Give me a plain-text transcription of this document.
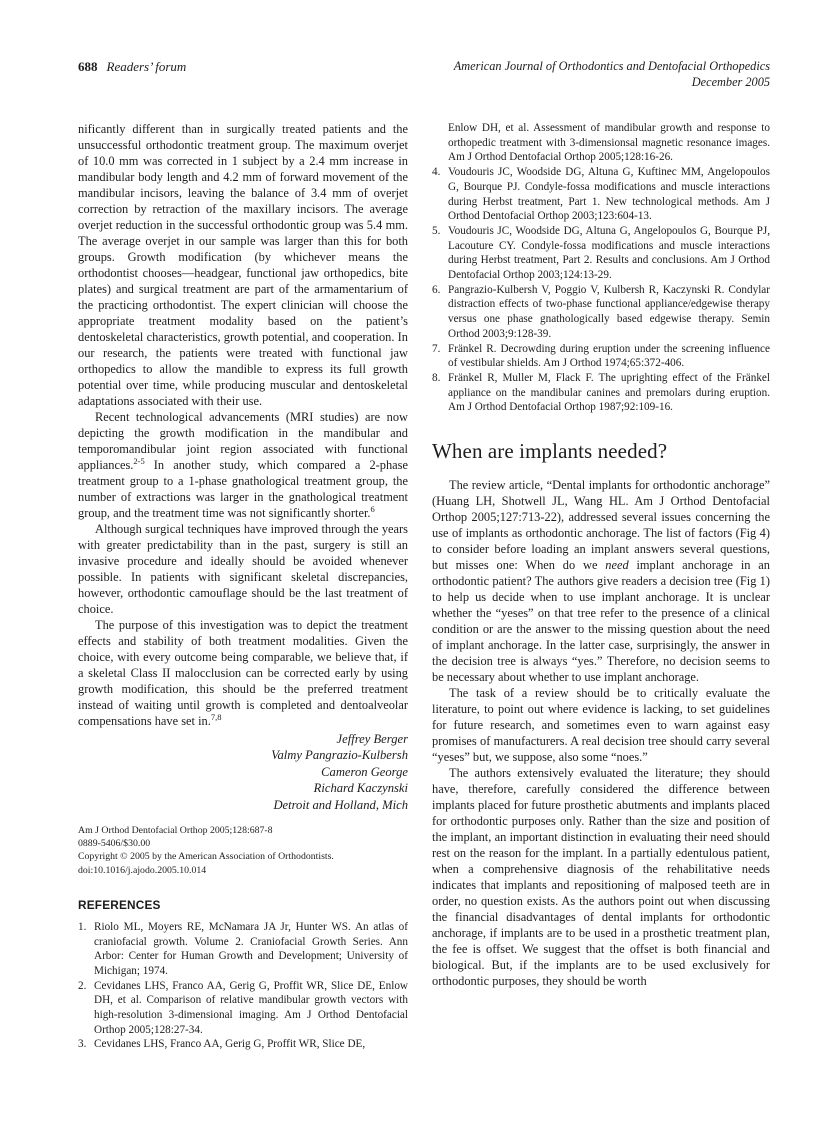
688 Readers’ forum	American Journal of Orthodontics and Dentofacial Orthopedics
December 2005

nificantly different than in surgically treated patients and the unsuccessful orthodontic treatment group. The maximum overjet of 10.0 mm was corrected in 1 subject by a 2.4 mm increase in mandibular body length and 4.2 mm of forward movement of the mandibular incisors, leaving the balance of 3.4 mm of overjet correction by retraction of the maxillary incisors. The average overjet reduction in the successful orthodontic group was 5.4 mm. The average overjet in our sample was larger than this for both groups. Growth modification (by whichever means the orthodontist chooses—headgear, functional jaw orthopedics, bite plates) and surgical treatment are part of the armamentarium of the practicing orthodontist. The expert clinician will choose the appropriate treatment modality based on the patient’s dentoskeletal characteristics, growth potential, and cooperation. In our research, the patients were treated with functional jaw orthopedics to allow the mandible to express its full growth potential over time, while producing muscular and dentoskeletal adaptations associated with their use.

Recent technological advancements (MRI studies) are now depicting the growth modification in the mandibular and temporomandibular joint region associated with functional appliances.$^{2-5}$ In another study, which compared a 2-phase treatment group to a 1-phase gnathological treatment group, the number of extractions was larger in the gnathological treatment group, and the treatment time was not significantly shorter.$^6$

Although surgical techniques have improved through the years with greater predictability than in the past, surgery is still an invasive procedure and ideally should be avoided whenever possible. In patients with significant skeletal discrepancies, however, orthodontic camouflage should be the last treatment of choice.

The purpose of this investigation was to depict the treatment effects and stability of both treatment modalities. Given the choice, with every outcome being comparable, we believe that, if a skeletal Class II malocclusion can be corrected early by using growth modification, this should be the preferred treatment instead of waiting until growth is completed and dentoalveolar compensations have set in.$^{7,8}$

Jeffrey Berger
Valmy Pangrazio-Kulbersh
Cameron George
Richard Kaczynski
Detroit and Holland, Mich
Am J Orthod Dentofacial Orthop 2005;128:687-8
0889-5406/$30.00
Copyright © 2005 by the American Association of Orthodontists.
doi:10.1016/j.ajodo.2005.10.014
REFERENCES

1. Riolo ML, Moyers RE, McNamara JA Jr, Hunter WS. An atlas of craniofacial growth. Volume 2. Craniofacial Growth Series. Ann Arbor: Center for Human Growth and Development; University of Michigan; 1974.

2. Cevidanes LHS, Franco AA, Gerig G, Proffit WR, Slice DE, Enlow DH, et al. Comparison of relative mandibular growth vectors with high-resolution 3-dimensional imaging. Am J Orthod Dentofacial Orthop 2005;128:27-34.

3. Cevidanes LHS, Franco AA, Gerig G, Proffit WR, Slice DE,

Enlow DH, et al. Assessment of mandibular growth and response to orthopedic treatment with 3-dimensionsal magnetic resonance images. Am J Orthod Dentofacial Orthop 2005;128:16-26.

4. Voudouris JC, Woodside DG, Altuna G, Kuftinec MM, Angelopoulos G, Bourque PJ. Condyle-fossa modifications and muscle interactions during Herbst treatment, Part 1. New technological methods. Am J Orthod Dentofacial Orthop 2003;123:604-13.

5. Voudouris JC, Woodside DG, Altuna G, Angelopoulos G, Bourque PJ, Lacouture CY. Condyle-fossa modifications and muscle interactions during Herbst treatment, Part 2. Results and conclusions. Am J Orthod Dentofacial Orthop 2003;124:13-29.

6. Pangrazio-Kulbersh V, Poggio V, Kulbersh R, Kaczynski R. Condylar distraction effects of two-phase functional appliance/edgewise therapy versus one phase gnathologically based edgewise therapy. Semin Orthod 2003;9:128-39.

7. Fränkel R. Decrowding during eruption under the screening influence of vestibular shields. Am J Orthod 1974;65:372-406.

8. Fränkel R, Muller M, Flack F. The uprighting effect of the Fränkel appliance on the mandibular canines and premolars during eruption. Am J Orthod Dentofacial Orthop 1987;92:109-16.

When are implants needed?

The review article, “Dental implants for orthodontic anchorage” (Huang LH, Shotwell JL, Wang HL. Am J Orthod Dentofacial Orthop 2005;127:713-22), addressed several issues concerning the use of implants as orthodontic anchorage. The list of factors (Fig 4) to consider before loading an implant answers several questions, but misses one: When do we need implant anchorage in an orthodontic patient? The authors give readers a decision tree (Fig 1) to help us decide when to use implant anchorage. It is unclear whether the “yeses” on that tree refer to the presence of a clinical condition or are the answer to the missing question about the need of implant anchorage. In the latter case, surprisingly, the answer in the decision tree is always “yes.” Therefore, no decision seems to be necessary about whether to use implant anchorage.

The task of a review should be to critically evaluate the literature, to point out where evidence is lacking, to set guidelines for future research, and sometimes even to warn against easy promises of manufacturers. A real decision tree should carry several “yeses” but, we suppose, also some “noes.”

The authors extensively evaluated the literature; they should have, therefore, carefully considered the difference between implants placed for future prosthetic abutments and implants placed for orthodontic purposes only. Rather than the size and position of the implant, an important distinction in evaluating their need should rest on the reason for the implant. In a partially edentulous patient, when a comprehensive diagnosis of the rehabilitative needs indicates that implants and repositioning of malposed teeth are in order, no question exists. As the authors point out when discussing the financial disadvantages of dental implants for orthodontic anchorage, if implants are to be used in a prosthetic treatment plan, the fee is offset. We suggest that the offset is both financial and biological. But, if the implants are to be used exclusively for orthodontic purposes, they should be worth
